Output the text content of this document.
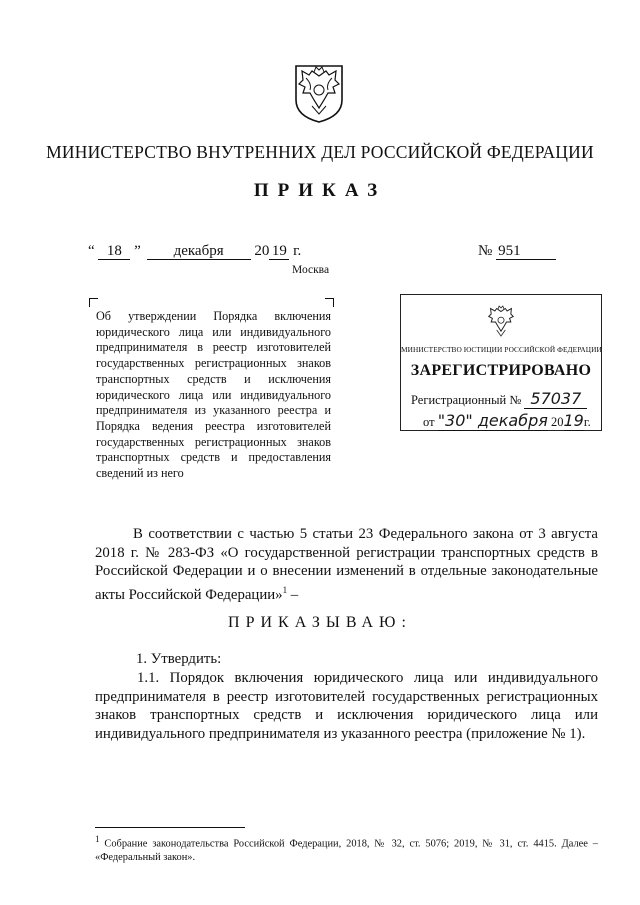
МИНИСТЕРСТВО ВНУТРЕННИХ ДЕЛ РОССИЙСКОЙ ФЕДЕРАЦИИ
ПРИКАЗ
“ 18 ” декабря 20 19 г.	№ 951
Москва
Об утверждении Порядка включения юридического лица или индивидуального предпринимателя в реестр изготовителей государственных регистрационных знаков транспортных средств и исключения юридического лица или индивидуального предпринимателя из указанного реестра и Порядка ведения реестра изготовителей государственных регистрационных знаков транспортных средств и предоставления сведений из него
МИНИСТЕРСТВО ЮСТИЦИИ РОССИЙСКОЙ ФЕДЕРАЦИИ
ЗАРЕГИСТРИРОВАНО
Регистрационный № 57037
от "30" декабря 2019г.
В соответствии с частью 5 статьи 23 Федерального закона от 3 августа 2018 г. № 283-ФЗ «О государственной регистрации транспортных средств в Российской Федерации и о внесении изменений в отдельные законодательные акты Российской Федерации»$^1$ –
ПРИКАЗЫВАЮ:
1. Утвердить:
1.1. Порядок включения юридического лица или индивидуального предпринимателя в реестр изготовителей государственных регистрационных знаков транспортных средств и исключения юридического лица или индивидуального предпринимателя из указанного реестра (приложение № 1).
$^1$ Собрание законодательства Российской Федерации, 2018, № 32, ст. 5076; 2019, № 31, ст. 4415. Далее – «Федеральный закон».
